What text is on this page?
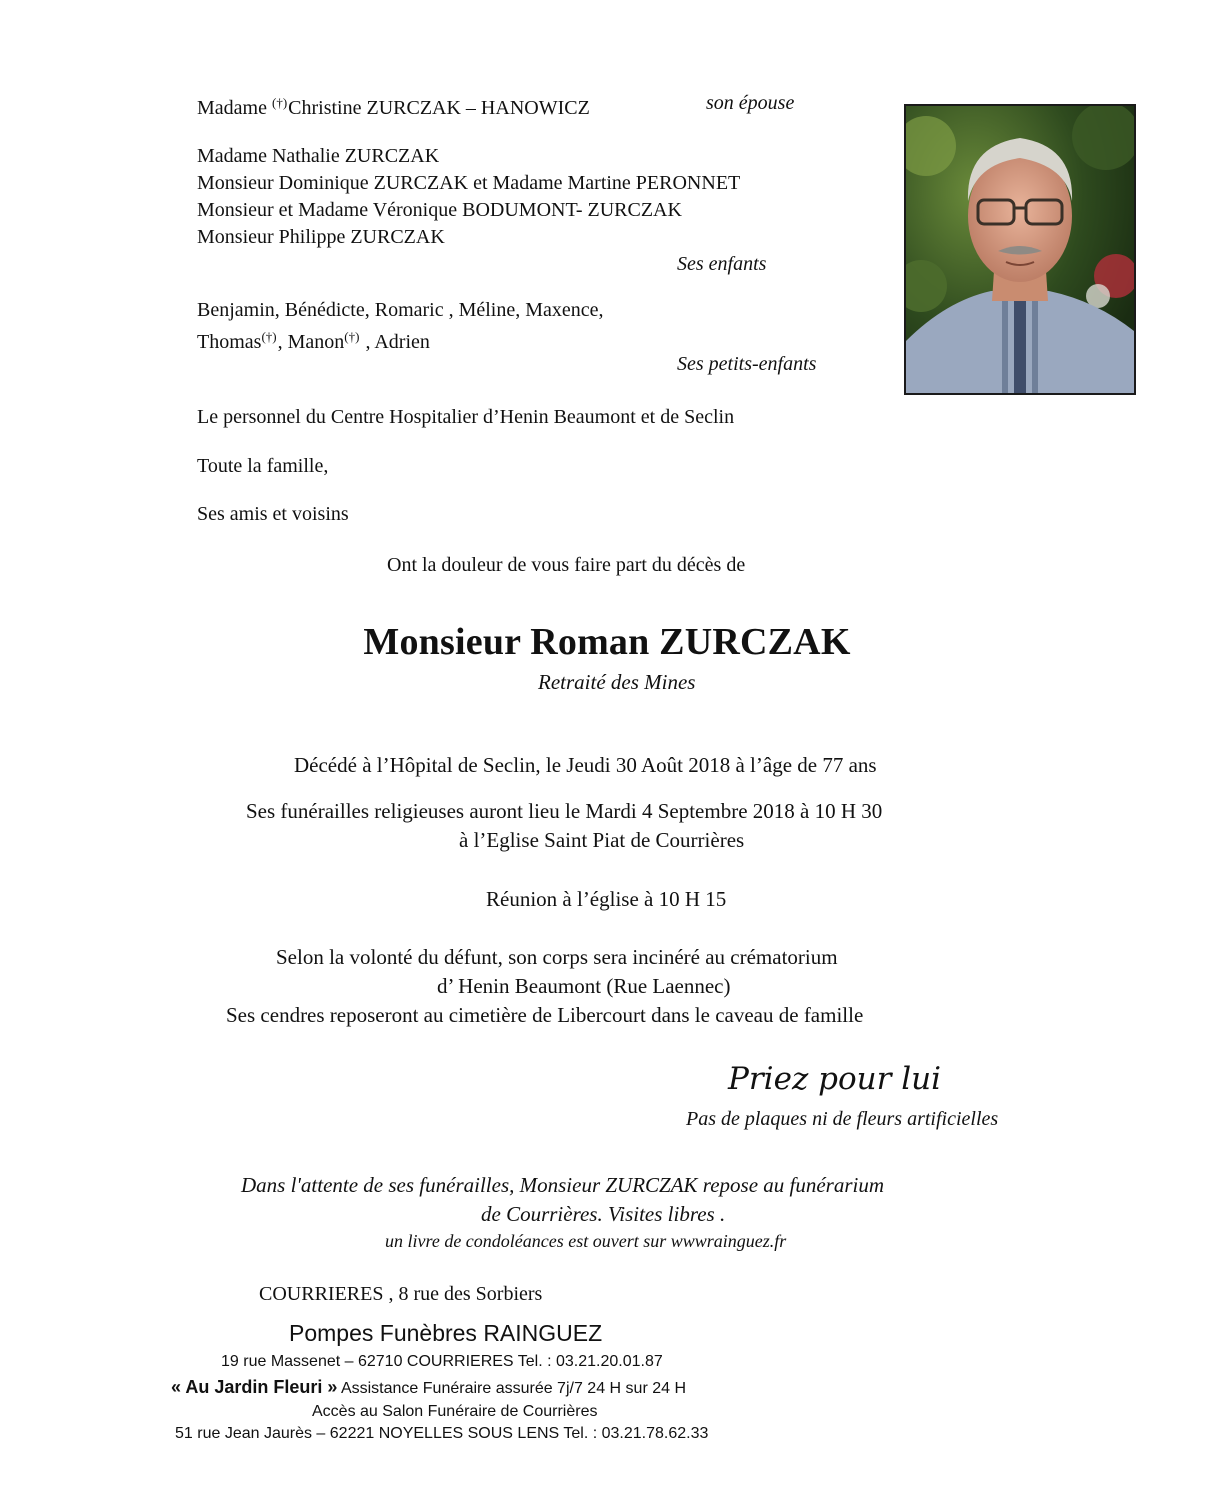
Madame (†)Christine ZURCZAK – HANOWICZ	son épouse
Madame Nathalie ZURCZAK
Monsieur Dominique ZURCZAK et Madame Martine PERONNET
Monsieur et Madame Véronique BODUMONT- ZURCZAK
Monsieur Philippe ZURCZAK
Ses enfants
Benjamin, Bénédicte, Romaric , Méline, Maxence,
Thomas(†), Manon(†) , Adrien
Ses petits-enfants
Le personnel du Centre Hospitalier d’Henin Beaumont et de Seclin
Toute la famille,
Ses amis et voisins
Ont la douleur de vous faire part du décès de
Monsieur Roman ZURCZAK
Retraité des Mines
Décédé à l’Hôpital de Seclin, le Jeudi 30 Août 2018 à l’âge de 77 ans
Ses funérailles religieuses auront lieu le Mardi 4 Septembre 2018 à 10 H 30
à l’Eglise Saint Piat de Courrières
Réunion à l’église à 10 H 15
Selon la volonté du défunt, son corps sera incinéré au crématorium
d’ Henin Beaumont (Rue Laennec)
Ses cendres reposeront au cimetière de Libercourt dans le caveau de famille
Priez pour lui
Pas de plaques ni de fleurs artificielles
Dans l'attente de ses funérailles, Monsieur ZURCZAK repose au funérarium
de Courrières. Visites libres .
un livre de condoléances est ouvert sur wwwrainguez.fr
COURRIERES , 8 rue des Sorbiers
Pompes Funèbres RAINGUEZ
19 rue Massenet – 62710 COURRIERES Tel. : 03.21.20.01.87
« Au Jardin Fleuri » Assistance Funéraire assurée 7j/7 24 H sur 24 H
Accès au Salon Funéraire de Courrières
51 rue Jean Jaurès – 62221 NOYELLES SOUS LENS Tel. : 03.21.78.62.33
